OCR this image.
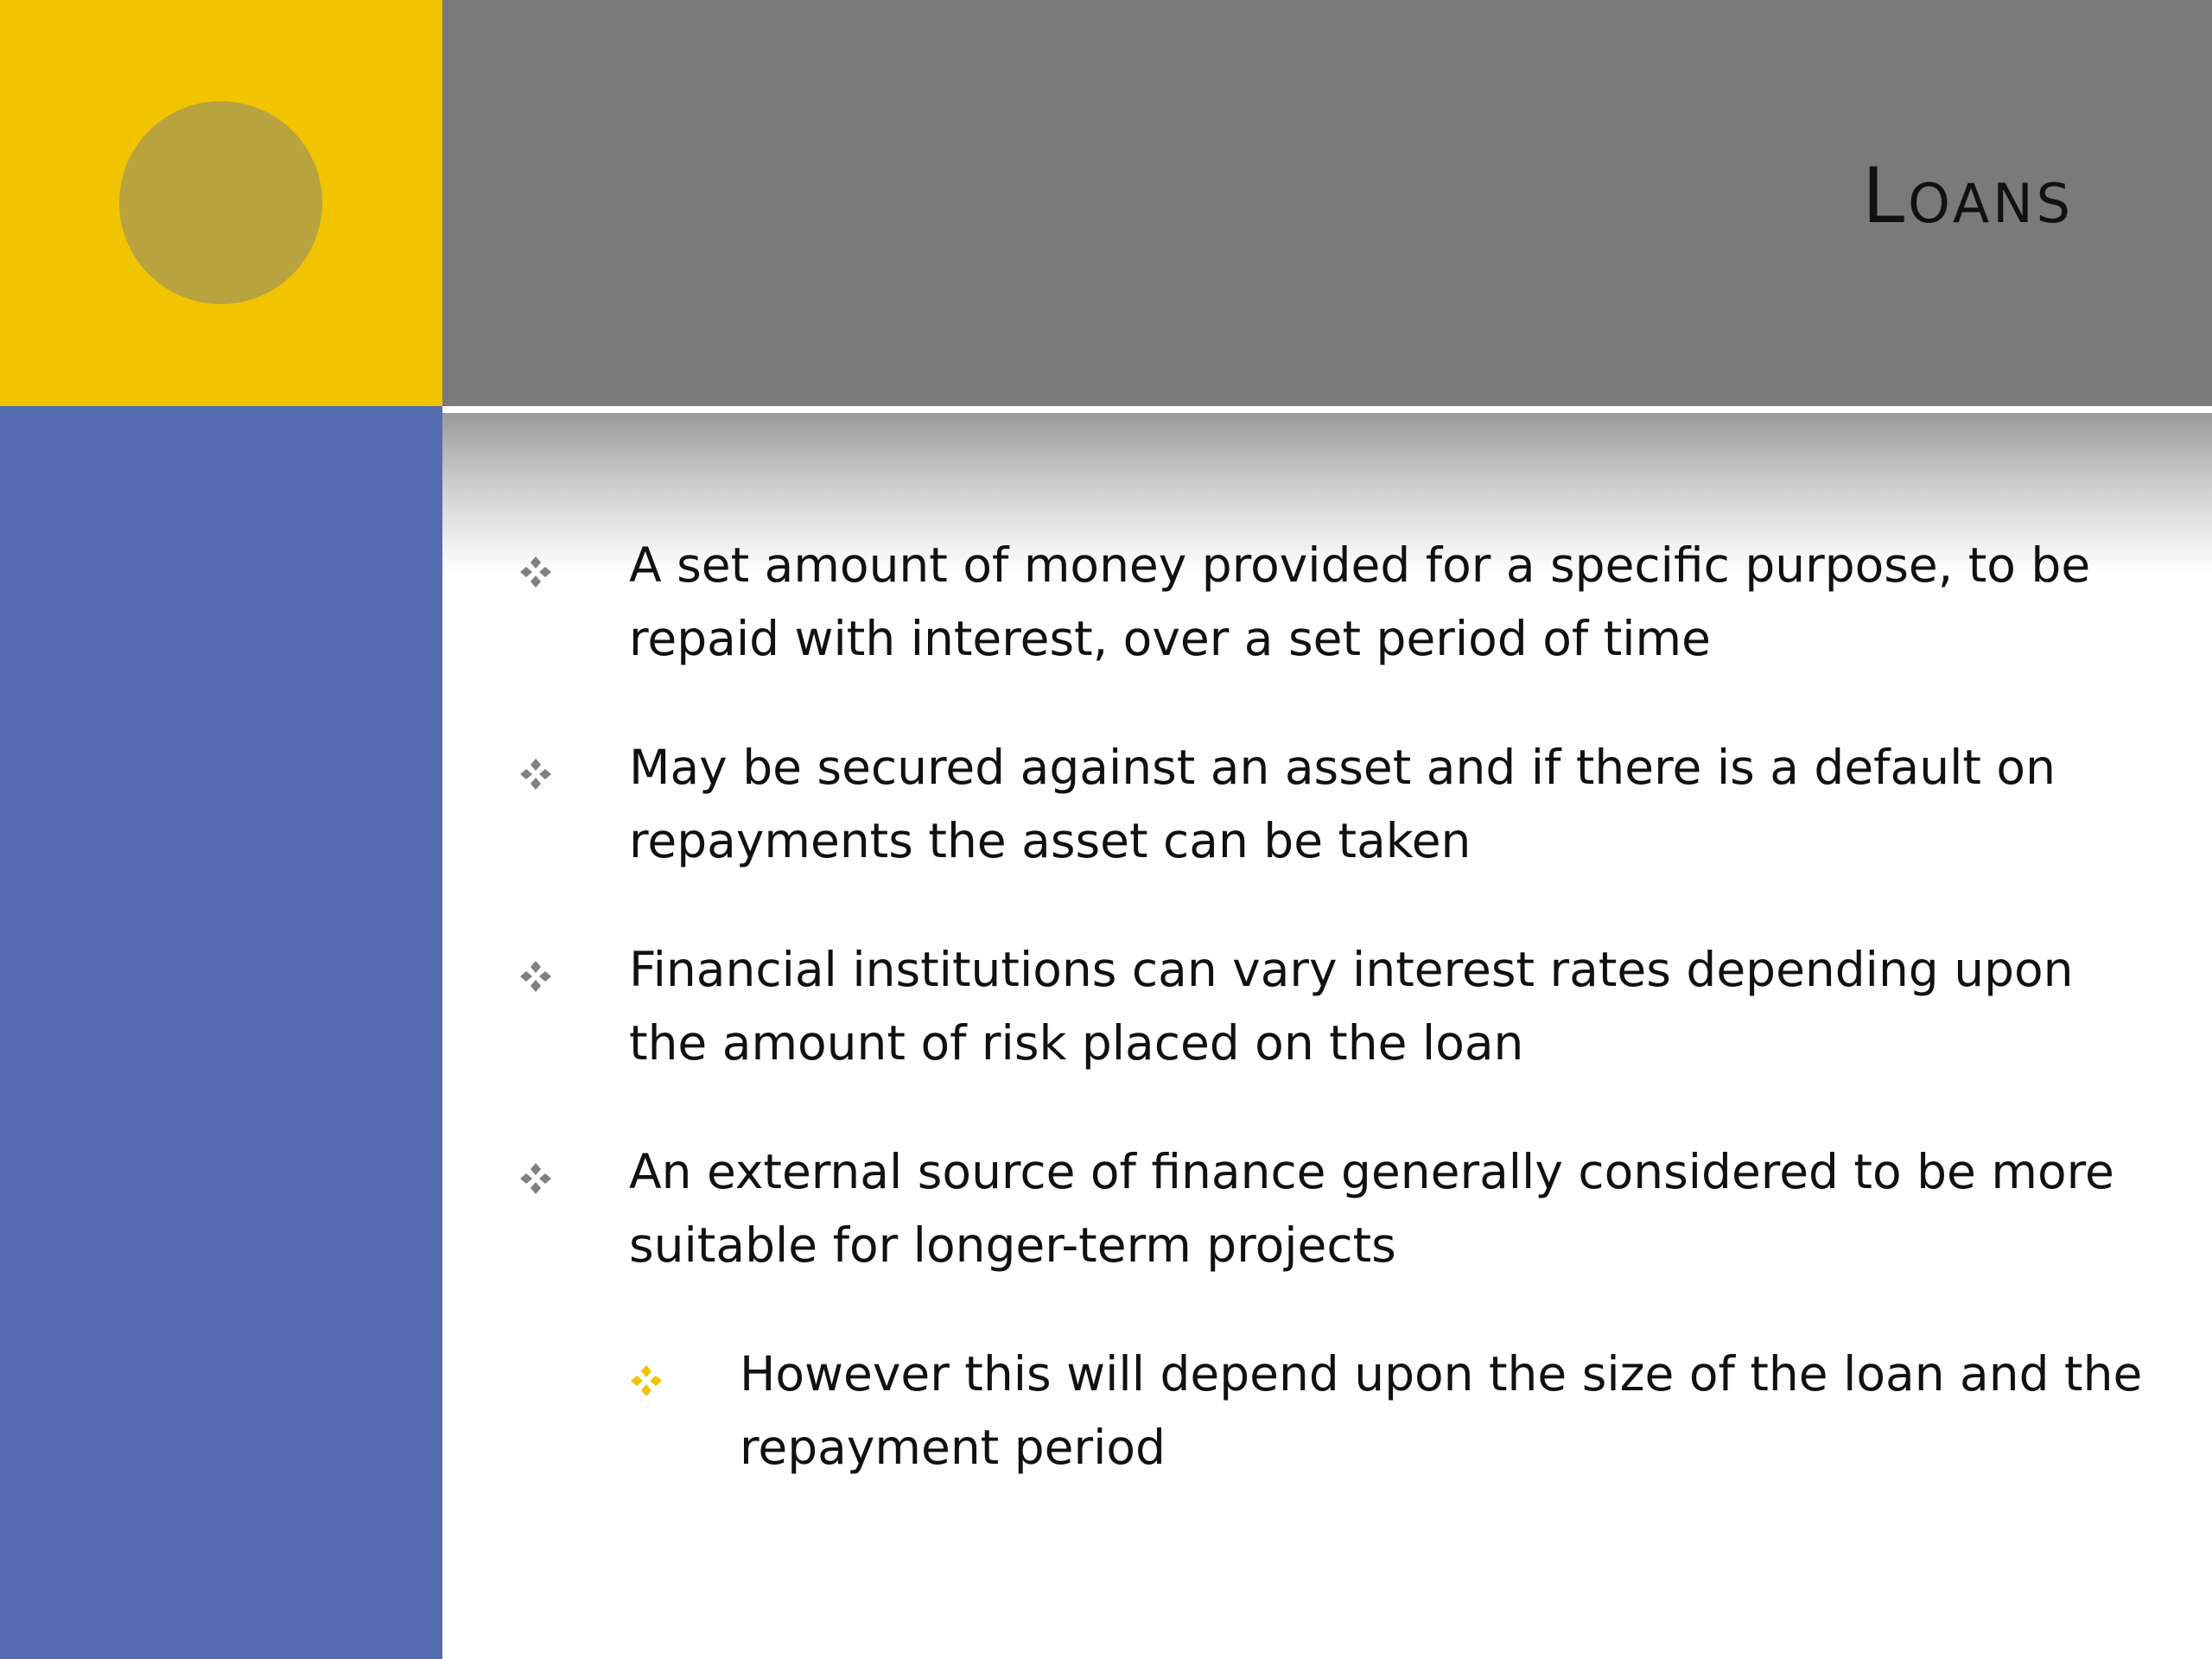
Loans
A set amount of money provided for a specific purpose, to be repaid with interest, over a set period of time
May be secured against an asset and if there is a default on repayments the asset can be taken
Financial institutions can vary interest rates depending upon the amount of risk placed on the loan
An external source of finance generally considered to be more suitable for longer-term projects
However this will depend upon the size of the loan and the repayment period
